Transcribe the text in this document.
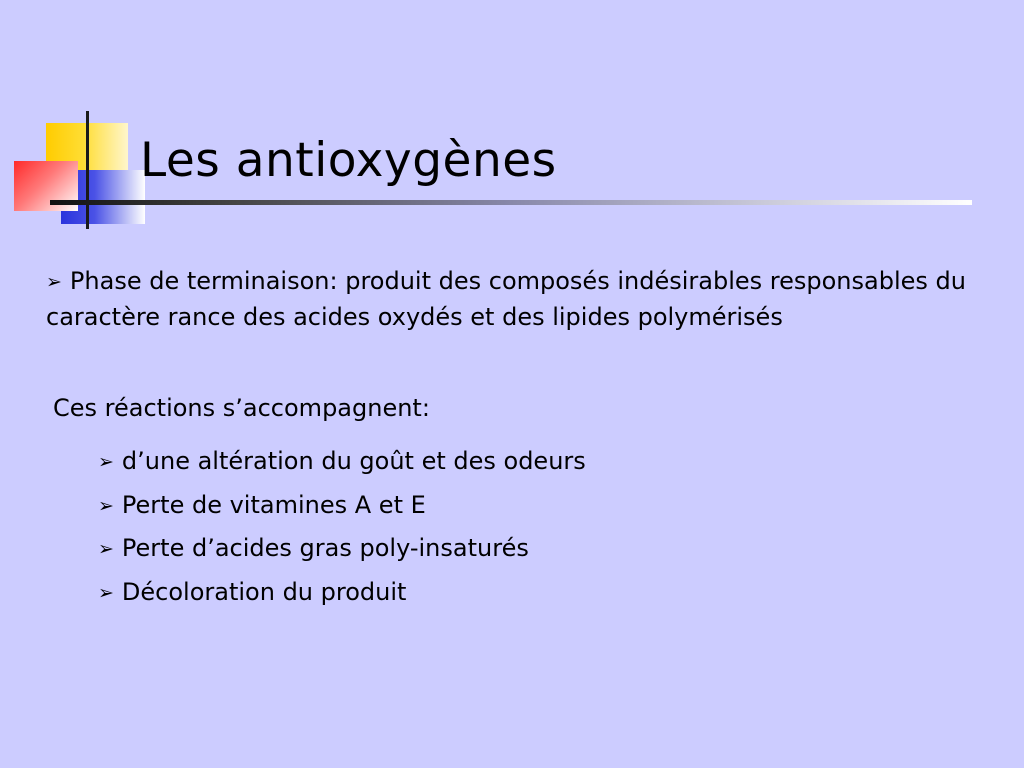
Les antioxygènes

➢ Phase de terminaison: produit des composés indésirables responsables du caractère rance des acides oxydés et des lipides polymérisés

Ces réactions s’accompagnent:

➢ d’une altération du goût et des odeurs
➢ Perte de vitamines A et E
➢ Perte d’acides gras poly-insaturés
➢ Décoloration du produit
